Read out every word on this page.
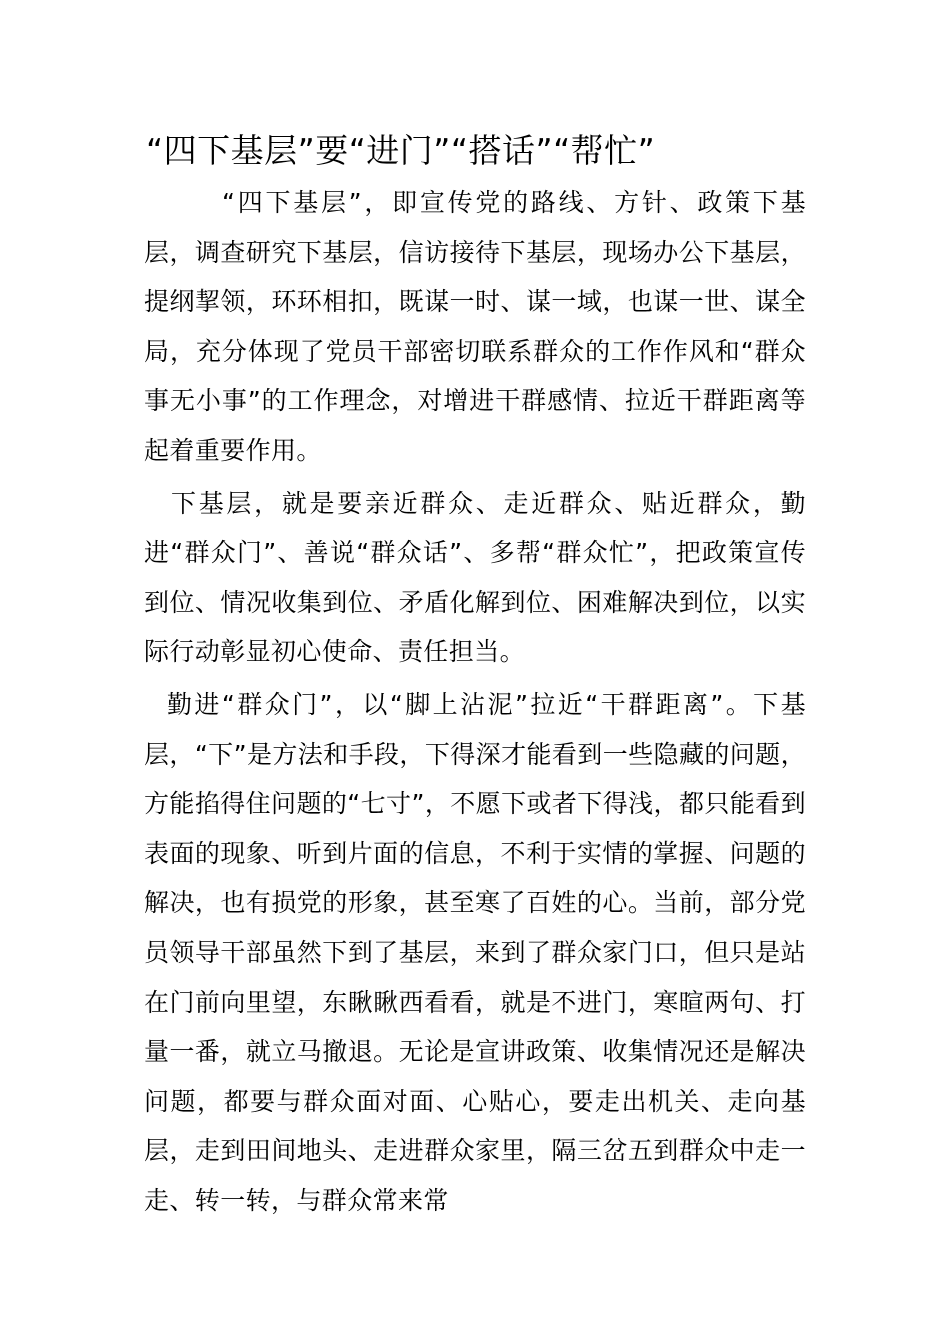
“四下基层”要“进门”“搭话”“帮忙”

“四下基层”，即宣传党的路线、方针、政策下基层，调查研究下基层，信访接待下基层，现场办公下基层，提纲挈领，环环相扣，既谋一时、谋一域，也谋一世、谋全局，充分体现了党员干部密切联系群众的工作作风和“群众事无小事”的工作理念，对增进干群感情、拉近干群距离等起着重要作用。

下基层，就是要亲近群众、走近群众、贴近群众，勤进“群众门”、善说“群众话”、多帮“群众忙”，把政策宣传到位、情况收集到位、矛盾化解到位、困难解决到位，以实际行动彰显初心使命、责任担当。

勤进“群众门”，以“脚上沾泥”拉近“干群距离”。下基层，“下”是方法和手段，下得深才能看到一些隐藏的问题，方能掐得住问题的“七寸”，不愿下或者下得浅，都只能看到表面的现象、听到片面的信息，不利于实情的掌握、问题的解决，也有损党的形象，甚至寒了百姓的心。当前，部分党员领导干部虽然下到了基层，来到了群众家门口，但只是站在门前向里望，东瞅瞅西看看，就是不进门，寒暄两句、打量一番，就立马撤退。无论是宣讲政策、收集情况还是解决问题，都要与群众面对面、心贴心，要走出机关、走向基层，走到田间地头、走进群众家里，隔三岔五到群众中走一走、转一转，与群众常来常
